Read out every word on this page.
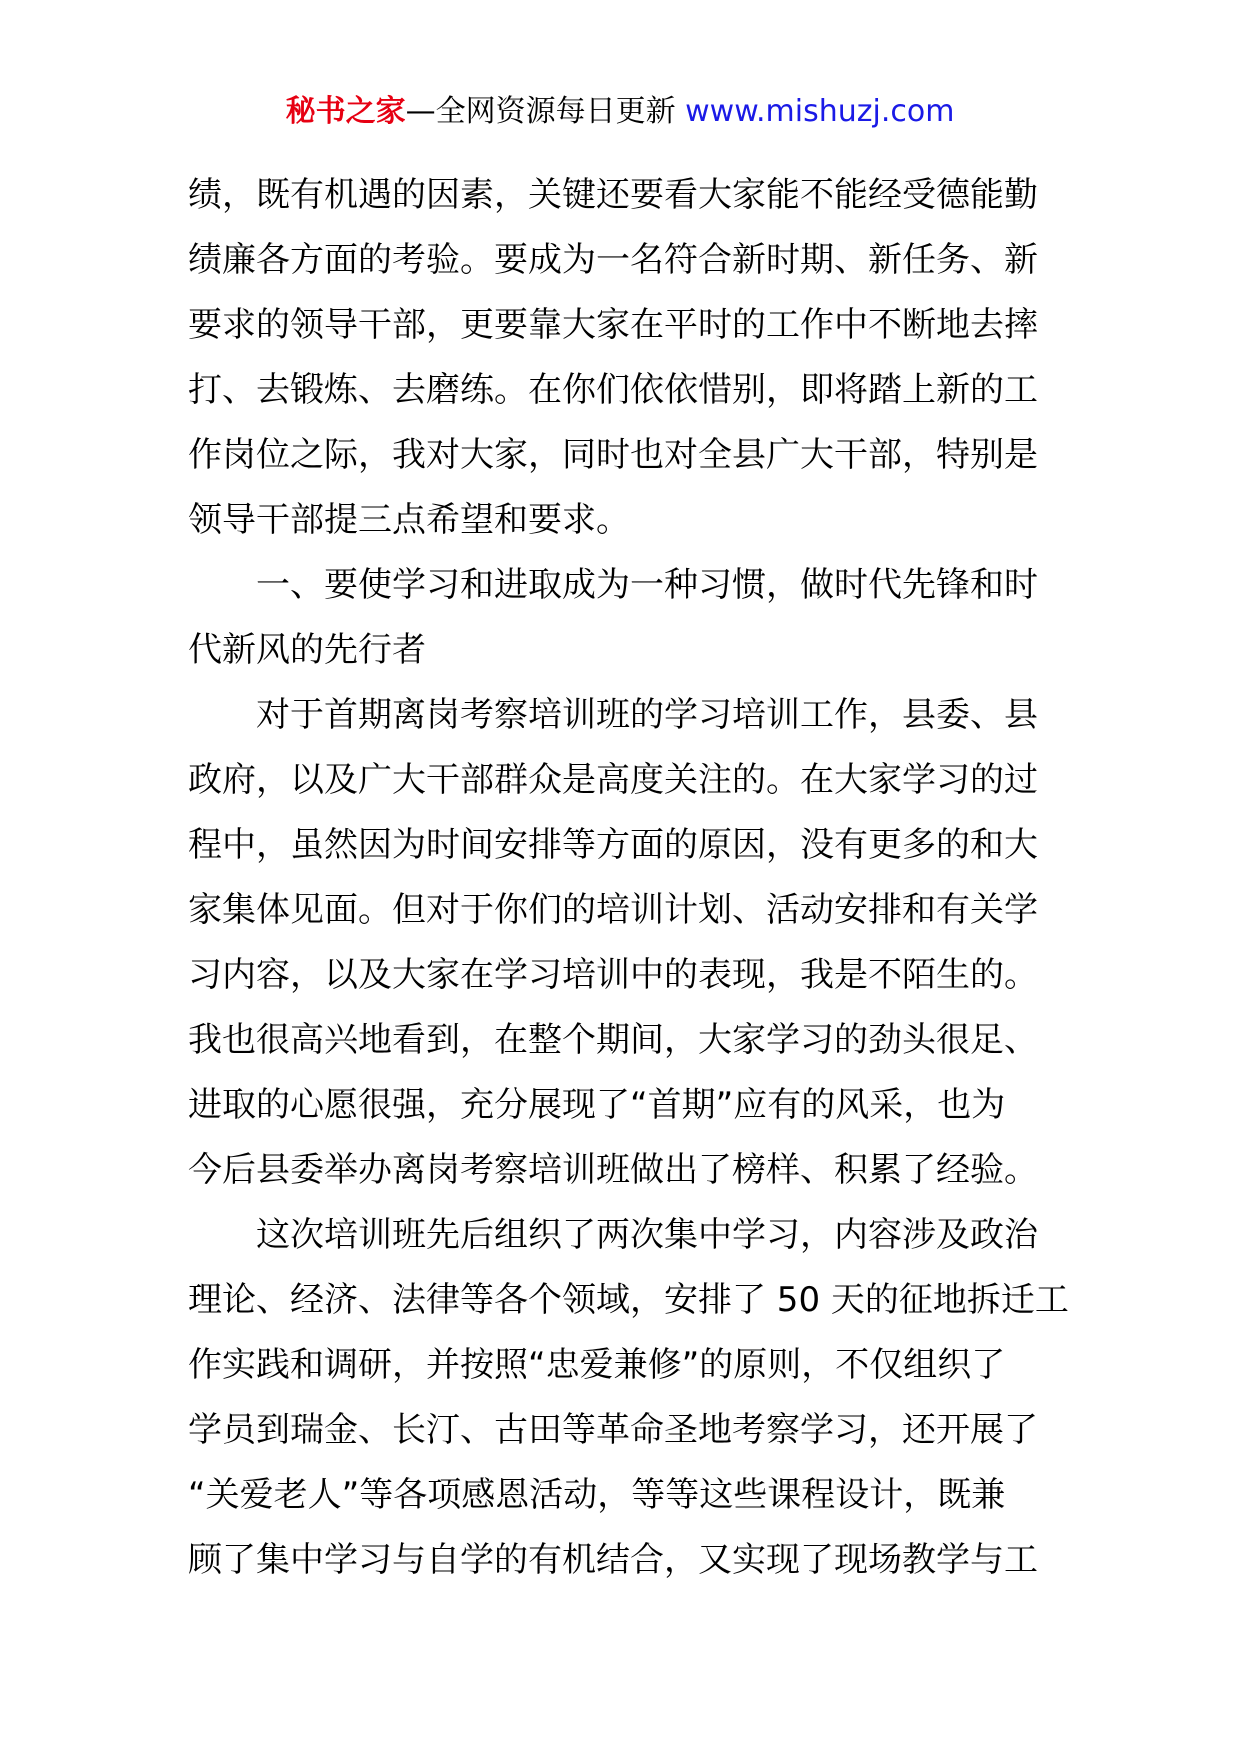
秘书之家—全网资源每日更新 www.mishuzj.com
绩，既有机遇的因素，关键还要看大家能不能经受德能勤
绩廉各方面的考验。要成为一名符合新时期、新任务、新
要求的领导干部，更要靠大家在平时的工作中不断地去摔
打、去锻炼、去磨练。在你们依依惜别，即将踏上新的工
作岗位之际，我对大家，同时也对全县广大干部，特别是
领导干部提三点希望和要求。
一、要使学习和进取成为一种习惯，做时代先锋和时
代新风的先行者
对于首期离岗考察培训班的学习培训工作，县委、县
政府，以及广大干部群众是高度关注的。在大家学习的过
程中，虽然因为时间安排等方面的原因，没有更多的和大
家集体见面。但对于你们的培训计划、活动安排和有关学
习内容，以及大家在学习培训中的表现，我是不陌生的。
我也很高兴地看到，在整个期间，大家学习的劲头很足、
进取的心愿很强，充分展现了“首期”应有的风采，也为
今后县委举办离岗考察培训班做出了榜样、积累了经验。
这次培训班先后组织了两次集中学习，内容涉及政治
理论、经济、法律等各个领域，安排了 50 天的征地拆迁工
作实践和调研，并按照“忠爱兼修”的原则，不仅组织了
学员到瑞金、长汀、古田等革命圣地考察学习，还开展了
“关爱老人”等各项感恩活动，等等这些课程设计，既兼
顾了集中学习与自学的有机结合，又实现了现场教学与工
